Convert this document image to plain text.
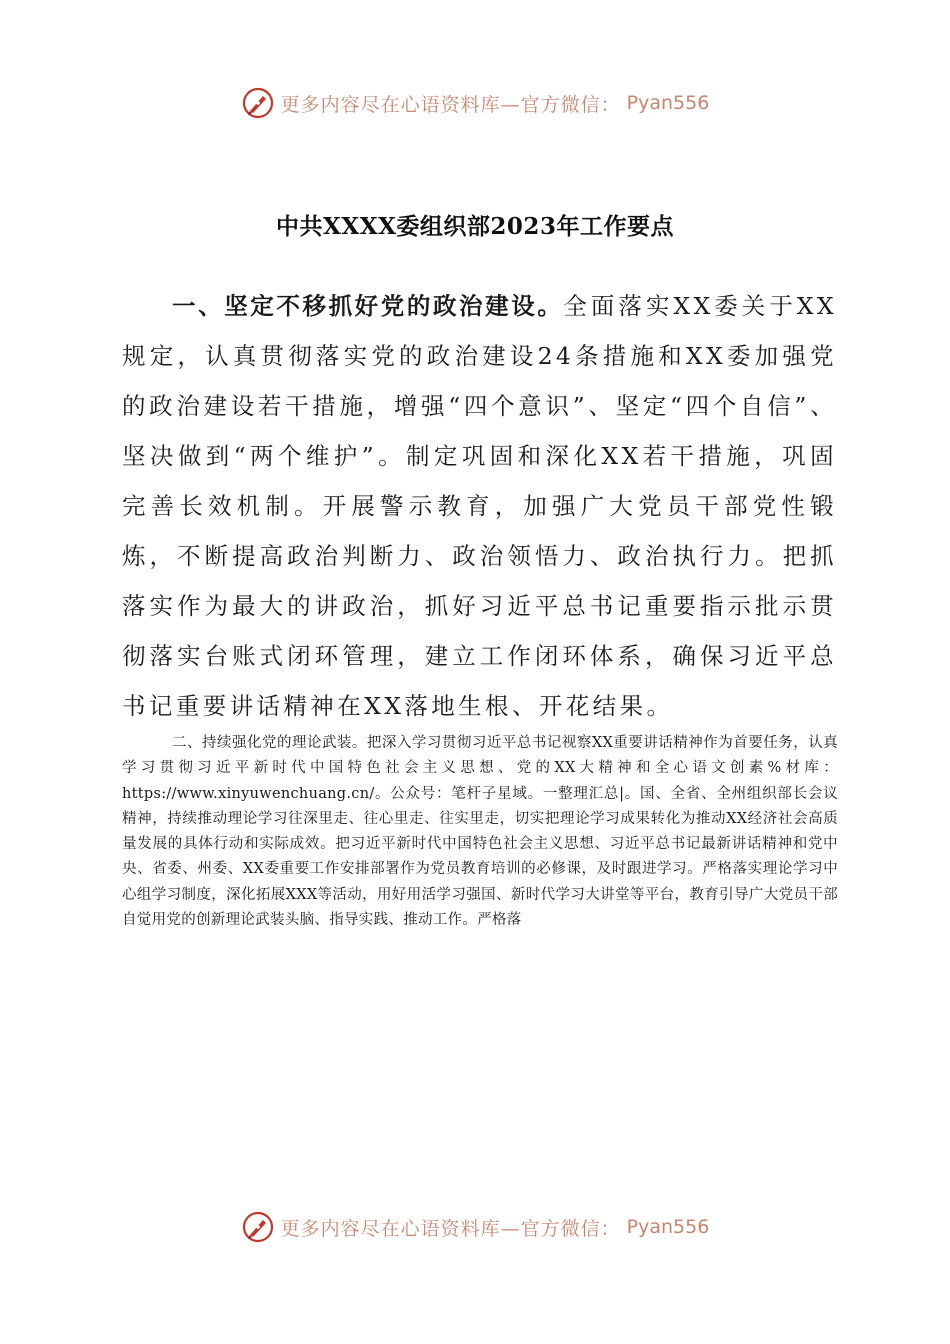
更多内容尽在心语资料库—官方微信： Pyan556
中共XXXX委组织部2023年工作要点
一、坚定不移抓好党的政治建设。全面落实XX委关于XX规定，认真贯彻落实党的政治建设24条措施和XX委加强党的政治建设若干措施，增强“四个意识”、坚定“四个自信”、坚决做到“两个维护”。制定巩固和深化XX若干措施，巩固完善长效机制。开展警示教育，加强广大党员干部党性锻炼，不断提高政治判断力、政治领悟力、政治执行力。把抓落实作为最大的讲政治，抓好习近平总书记重要指示批示贯彻落实台账式闭环管理，建立工作闭环体系，确保习近平总书记重要讲话精神在XX落地生根、开花结果。
二、持续强化党的理论武装。把深入学习贯彻习近平总书记视察XX重要讲话精神作为首要任务，认真学习贯彻习近平新时代中国特色社会主义思想、党的XX大精神和全心语文创素%材库：https://www.xinyuwenchuang.cn/。公众号：笔杆子星域。一整理汇总|。国、全省、全州组织部长会议精神，持续推动理论学习往深里走、往心里走、往实里走，切实把理论学习成果转化为推动XX经济社会高质量发展的具体行动和实际成效。把习近平新时代中国特色社会主义思想、习近平总书记最新讲话精神和党中央、省委、州委、XX委重要工作安排部署作为党员教育培训的必修课，及时跟进学习。严格落实理论学习中心组学习制度，深化拓展XXX等活动，用好用活学习强国、新时代学习大讲堂等平台，教育引导广大党员干部自觉用党的创新理论武装头脑、指导实践、推动工作。严格落
更多内容尽在心语资料库—官方微信： Pyan556
